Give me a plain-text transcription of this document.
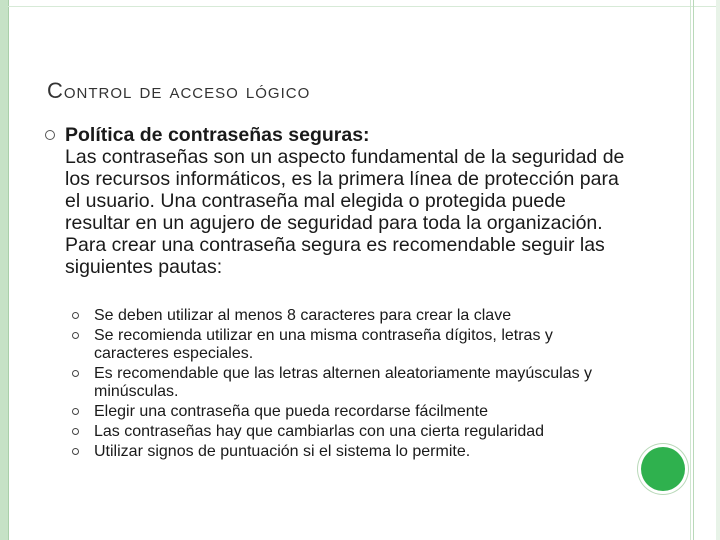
Control de acceso lógico
Política de contraseñas seguras:
Las contraseñas son un aspecto fundamental de la seguridad de los recursos informáticos, es la primera línea de protección para el usuario. Una contraseña mal elegida o protegida puede resultar en un agujero de seguridad para toda la organización. Para crear una contraseña segura es recomendable seguir las siguientes pautas:
Se deben utilizar al menos 8 caracteres para crear la clave
Se recomienda utilizar en una misma contraseña dígitos, letras y caracteres especiales.
Es recomendable que las letras alternen aleatoriamente mayúsculas y minúsculas.
Elegir una contraseña que pueda recordarse fácilmente
Las contraseñas hay que cambiarlas con una cierta regularidad
Utilizar signos de puntuación si el sistema lo permite.
